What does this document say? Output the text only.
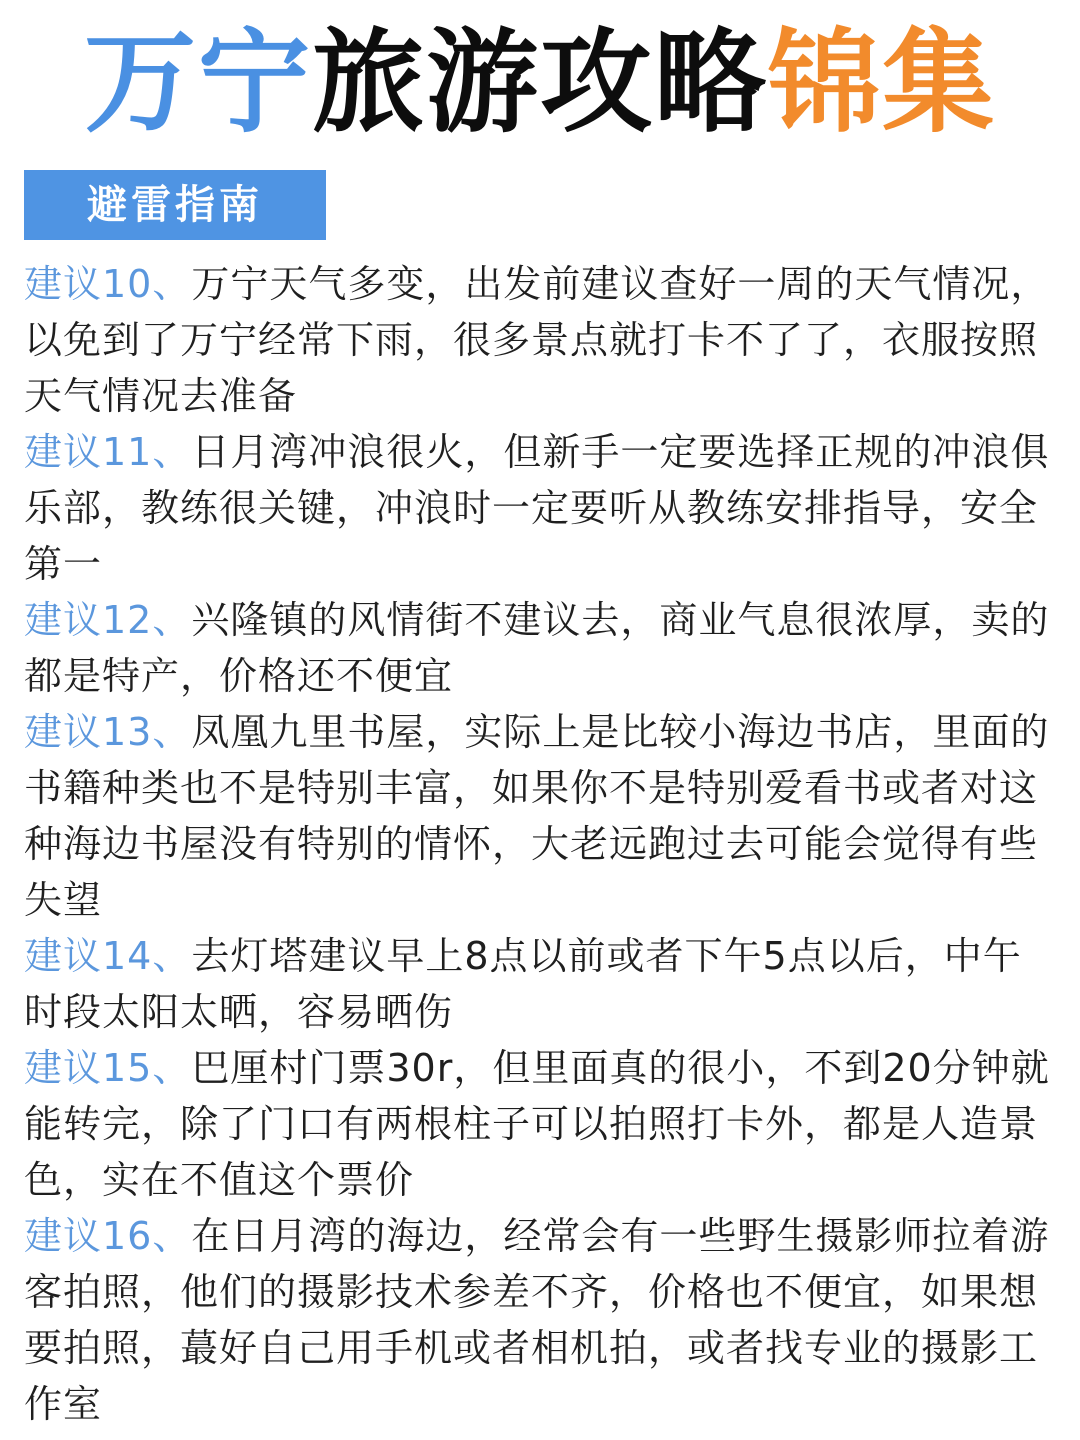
万宁旅游攻略锦集
避雷指南

建议10、万宁天气多变，出发前建议查好一周的天气情况，以免到了万宁经常下雨，很多景点就打卡不了了，衣服按照天气情况去准备

建议11、日月湾冲浪很火，但新手一定要选择正规的冲浪俱乐部，教练很关键，冲浪时一定要听从教练安排指导，安全第一

建议12、兴隆镇的风情街不建议去，商业气息很浓厚，卖的都是特产，价格还不便宜

建议13、凤凰九里书屋，实际上是比较小海边书店，里面的书籍种类也不是特别丰富，如果你不是特别爱看书或者对这种海边书屋没有特别的情怀，大老远跑过去可能会觉得有些失望

建议14、去灯塔建议早上8点以前或者下午5点以后，中午时段太阳太晒，容易晒伤

建议15、巴厘村门票30r，但里面真的很小，不到20分钟就能转完，除了门口有两根柱子可以拍照打卡外，都是人造景色，实在不值这个票价

建议16、在日月湾的海边，经常会有一些野生摄影师拉着游客拍照，他们的摄影技术参差不齐，价格也不便宜，如果想要拍照，蕞好自己用手机或者相机拍，或者找专业的摄影工作室
